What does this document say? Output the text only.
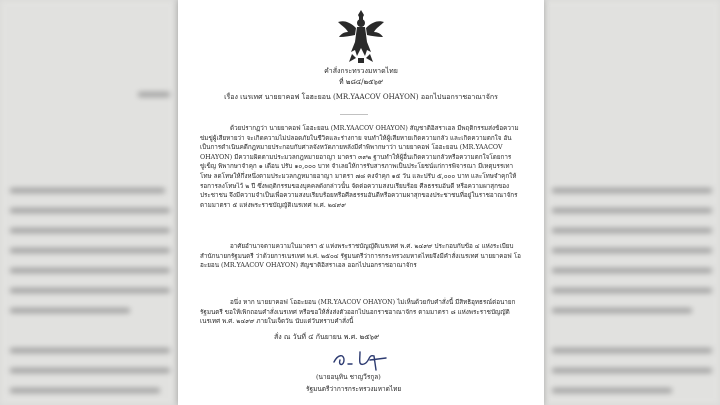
คำสั่งกระทรวงมหาดไทย
ที่ ๒๘๔/๒๕๖๙
เรื่อง เนรเทศ นายยาคอฟ โอฮะยอน (MR.YAACOV OHAYON) ออกไปนอกราชอาณาจักร
________
ด้วยปรากฏว่า นายยาคอฟ โอฮะยอน (MR.YAACOV OHAYON) สัญชาติอิสราเอล มีพฤติกรรมส่งข้อความข่มขู่ผู้เสียหายว่า จะเกิดความไม่ปลอดภัยในชีวิตและร่างกาย จนทำให้ผู้เสียหายเกิดความกลัว และเกิดความตกใจ อันเป็นการดำเนินคดีกฎหมายประกอบกับศาลจังหวัดภายหลังมีคำพิพากษาว่า นายยาคอฟ โอฮะยอน (MR.YAACOV OHAYON) มีความผิดตามประมวลกฎหมายอาญา มาตรา ๓๙๒ ฐานทำให้ผู้อื่นเกิดความกลัวหรือความตกใจโดยการขู่เข็ญ พิพากษาจำคุก ๑ เดือน ปรับ ๑๐,๐๐๐ บาท จำเลยให้การรับสารภาพเป็นประโยชน์แก่การพิจารณา มีเหตุบรรเทาโทษ ลดโทษให้กึ่งหนึ่งตามประมวลกฎหมายอาญา มาตรา ๗๘ คงจำคุก ๑๕ วัน และปรับ ๕,๐๐๐ บาท และโทษจำคุกให้รอการลงโทษไว้ ๒ ปี ซึ่งพฤติกรรมของบุคคลดังกล่าวนั้น จัดต่อความสงบเรียบร้อย ศีลธรรมอันดี หรือความผาสุกของประชาชน จึงมีความจำเป็นเพื่อความสงบเรียบร้อยหรือศีลธรรมอันดีหรือความผาสุกของประชาชนที่อยู่ในราชอาณาจักรตามมาตรา ๕ แห่งพระราชบัญญัติเนรเทศ พ.ศ. ๒๔๙๙
อาศัยอำนาจตามความในมาตรา ๕ แห่งพระราชบัญญัติเนรเทศ พ.ศ. ๒๔๙๙ ประกอบกับข้อ ๔ แห่งระเบียบสำนักนายกรัฐมนตรี ว่าด้วยการเนรเทศ พ.ศ. ๒๕๐๔ รัฐมนตรีว่าการกระทรวงมหาดไทยจึงมีคำสั่งเนรเทศ นายยาคอฟ โอฮะยอน (MR.YAACOV OHAYON) สัญชาติอิสราเอล ออกไปนอกราชอาณาจักร
อนึ่ง หาก นายยาคอฟ โอฮะยอน (MR.YAACOV OHAYON) ไม่เห็นด้วยกับคำสั่งนี้ มีสิทธิอุทธรณ์ต่อนายกรัฐมนตรี ขอให้เพิกถอนคำสั่งเนรเทศ หรือขอให้สั่งส่งตัวออกไปนอกราชอาณาจักร ตามมาตรา ๘ แห่งพระราชบัญญัติเนรเทศ พ.ศ. ๒๔๙๙ ภายในเจ็ดวัน นับแต่วันทราบคำสั่งนี้
สั่ง ณ วันที่ ๔ กันยายน พ.ศ. ๒๕๖๙
(นายอนุทิน ชาญวีรกูล)
รัฐมนตรีว่าการกระทรวงมหาดไทย
